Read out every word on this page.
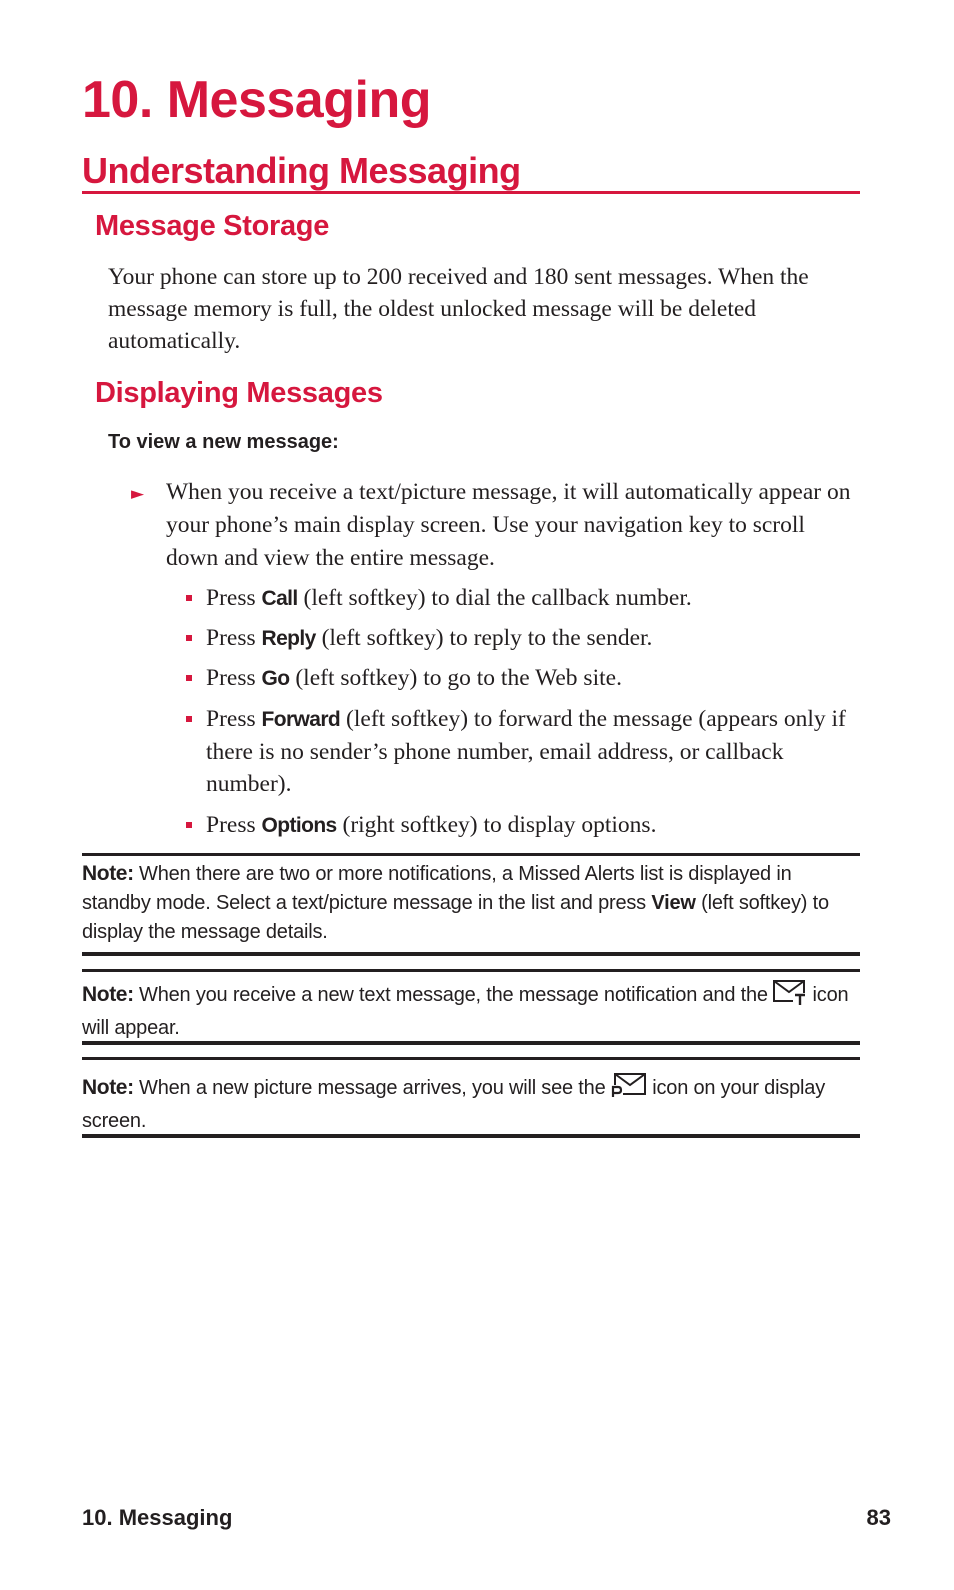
10. Messaging
Understanding Messaging
Message Storage
Your phone can store up to 200 received and 180 sent messages. When the message memory is full, the oldest unlocked message will be deleted automatically.
Displaying Messages
To view a new message:
► When you receive a text/picture message, it will automatically appear on your phone’s main display screen. Use your navigation key to scroll down and view the entire message.
Press Call (left softkey) to dial the callback number.
Press Reply (left softkey) to reply to the sender.
Press Go (left softkey) to go to the Web site.
Press Forward (left softkey) to forward the message (appears only if there is no sender’s phone number, email address, or callback number).
Press Options (right softkey) to display options.
Note: When there are two or more notifications, a Missed Alerts list is displayed in standby mode. Select a text/picture message in the list and press View (left softkey) to display the message details.
Note: When you receive a new text message, the message notification and the  icon will appear.
Note: When a new picture message arrives, you will see the  icon on your display screen.
10. Messaging	83
